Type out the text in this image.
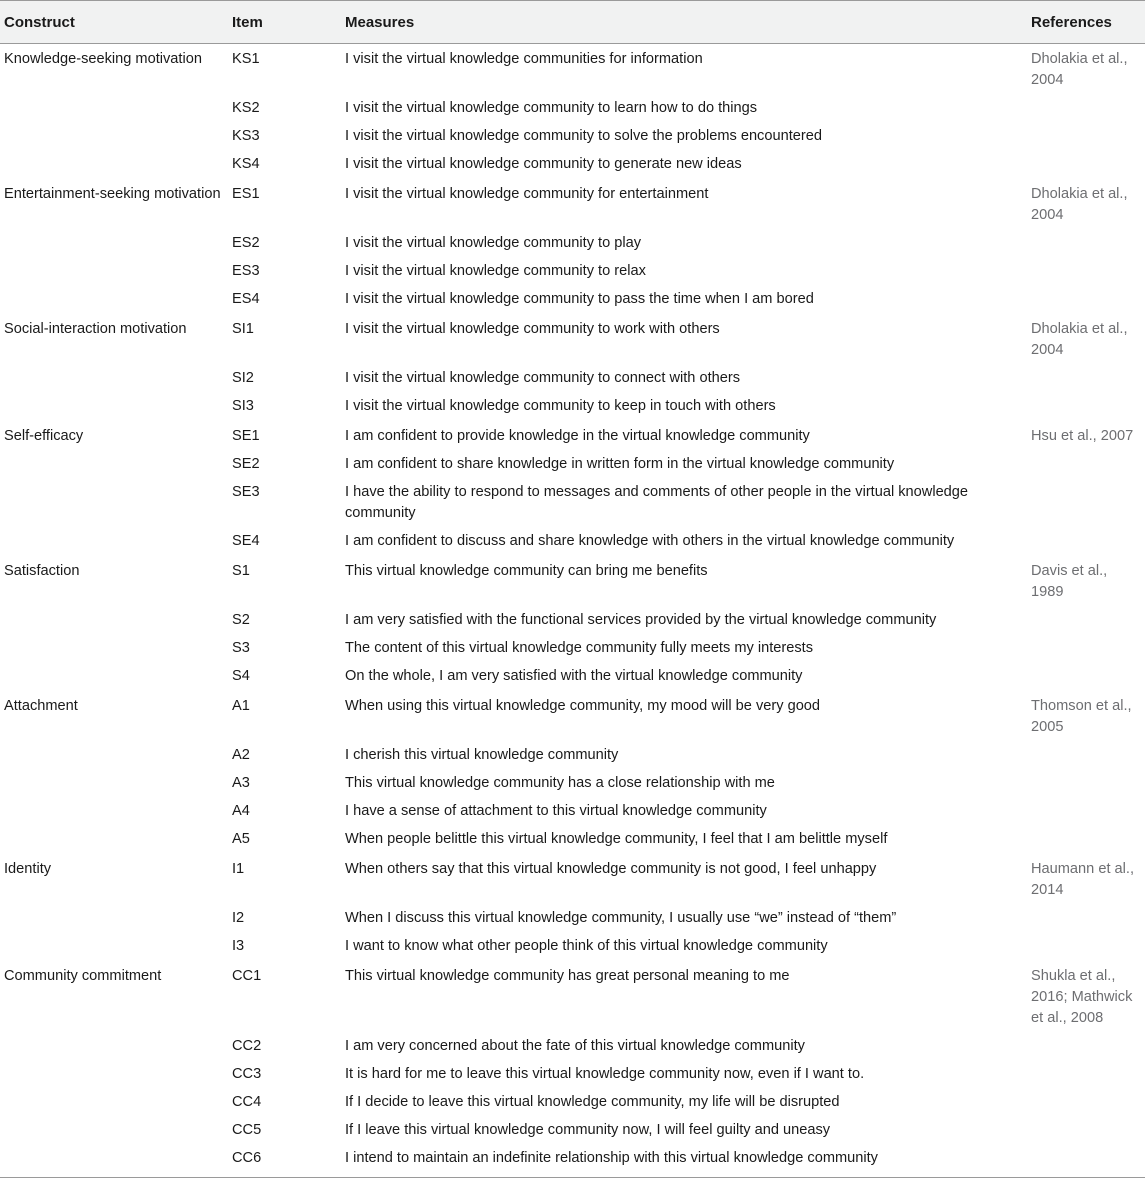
Construct	Item	Measures	References
Knowledge-seeking motivation	KS1	I visit the virtual knowledge communities for information	Dholakia et al., 2004
	KS2	I visit the virtual knowledge community to learn how to do things	
	KS3	I visit the virtual knowledge community to solve the problems encountered	
	KS4	I visit the virtual knowledge community to generate new ideas	
Entertainment-seeking motivation	ES1	I visit the virtual knowledge community for entertainment	Dholakia et al., 2004
	ES2	I visit the virtual knowledge community to play	
	ES3	I visit the virtual knowledge community to relax	
	ES4	I visit the virtual knowledge community to pass the time when I am bored	
Social-interaction motivation	SI1	I visit the virtual knowledge community to work with others	Dholakia et al., 2004
	SI2	I visit the virtual knowledge community to connect with others	
	SI3	I visit the virtual knowledge community to keep in touch with others	
Self-efficacy	SE1	I am confident to provide knowledge in the virtual knowledge community	Hsu et al., 2007
	SE2	I am confident to share knowledge in written form in the virtual knowledge community	
	SE3	I have the ability to respond to messages and comments of other people in the virtual knowledge community	
	SE4	I am confident to discuss and share knowledge with others in the virtual knowledge community	
Satisfaction	S1	This virtual knowledge community can bring me benefits	Davis et al., 1989
	S2	I am very satisfied with the functional services provided by the virtual knowledge community	
	S3	The content of this virtual knowledge community fully meets my interests	
	S4	On the whole, I am very satisfied with the virtual knowledge community	
Attachment	A1	When using this virtual knowledge community, my mood will be very good	Thomson et al., 2005
	A2	I cherish this virtual knowledge community	
	A3	This virtual knowledge community has a close relationship with me	
	A4	I have a sense of attachment to this virtual knowledge community	
	A5	When people belittle this virtual knowledge community, I feel that I am belittle myself	
Identity	I1	When others say that this virtual knowledge community is not good, I feel unhappy	Haumann et al., 2014
	I2	When I discuss this virtual knowledge community, I usually use “we” instead of “them”	
	I3	I want to know what other people think of this virtual knowledge community	
Community commitment	CC1	This virtual knowledge community has great personal meaning to me	Shukla et al., 2016; Mathwick et al., 2008
	CC2	I am very concerned about the fate of this virtual knowledge community	
	CC3	It is hard for me to leave this virtual knowledge community now, even if I want to.	
	CC4	If I decide to leave this virtual knowledge community, my life will be disrupted	
	CC5	If I leave this virtual knowledge community now, I will feel guilty and uneasy	
	CC6	I intend to maintain an indefinite relationship with this virtual knowledge community	
